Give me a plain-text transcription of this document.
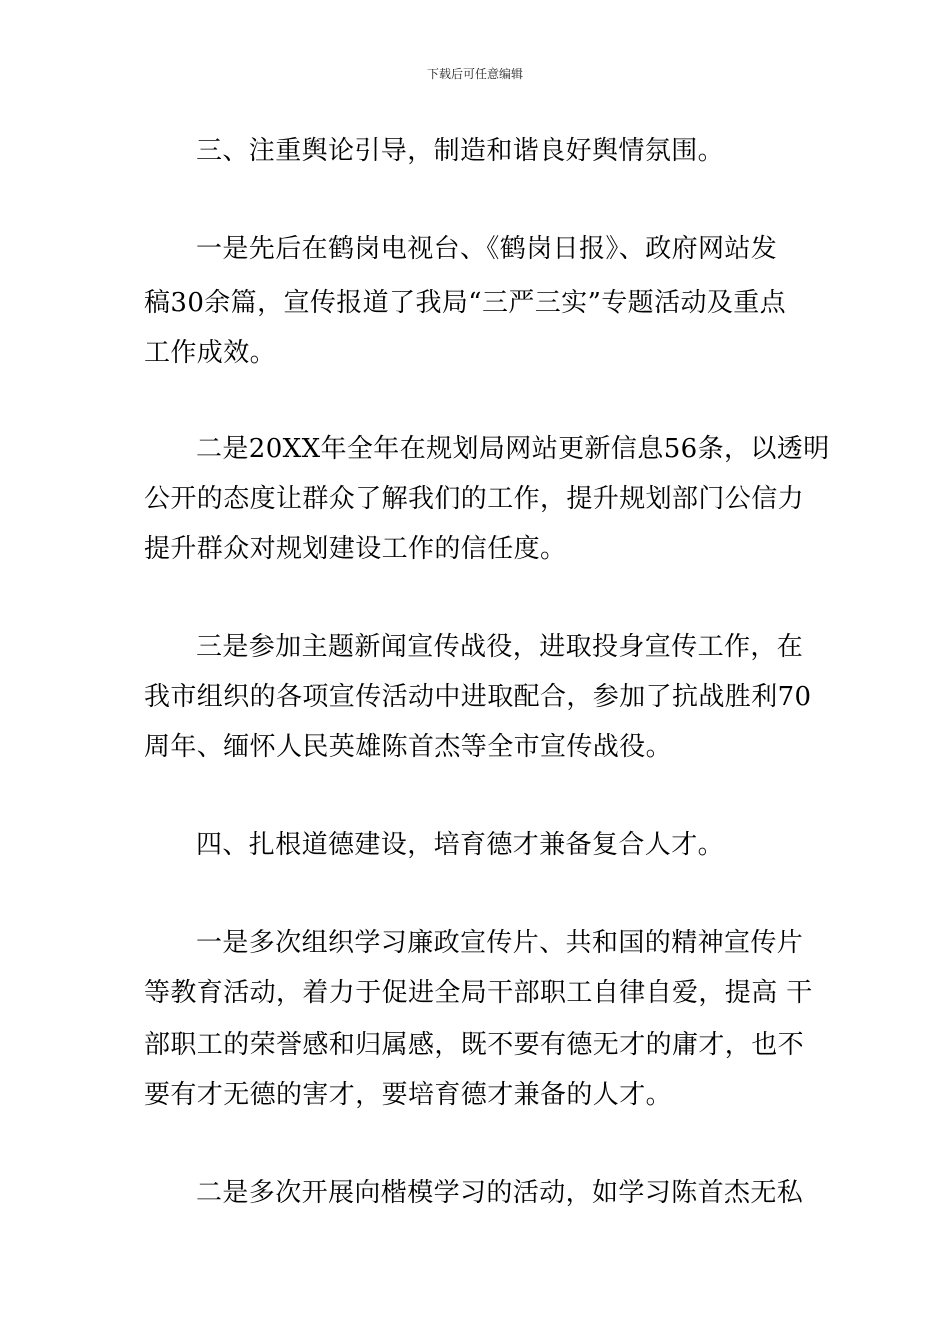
下载后可任意编辑
三、注重舆论引导，制造和谐良好舆情氛围。
一是先后在鹤岗电视台、《鹤岗日报》、政府网站发
稿30余篇，宣传报道了我局“三严三实”专题活动及重点
工作成效。
二是20XX年全年在规划局网站更新信息56条，以透明
公开的态度让群众了解我们的工作，提升规划部门公信力
提升群众对规划建设工作的信任度。
三是参加主题新闻宣传战役，进取投身宣传工作，在
我市组织的各项宣传活动中进取配合，参加了抗战胜利70
周年、缅怀人民英雄陈首杰等全市宣传战役。
四、扎根道德建设，培育德才兼备复合人才。
一是多次组织学习廉政宣传片、共和国的精神宣传片
等教育活动，着力于促进全局干部职工自律自爱，提高 干
部职工的荣誉感和归属感，既不要有德无才的庸才，也不
要有才无德的害才，要培育德才兼备的人才。
二是多次开展向楷模学习的活动，如学习陈首杰无私
